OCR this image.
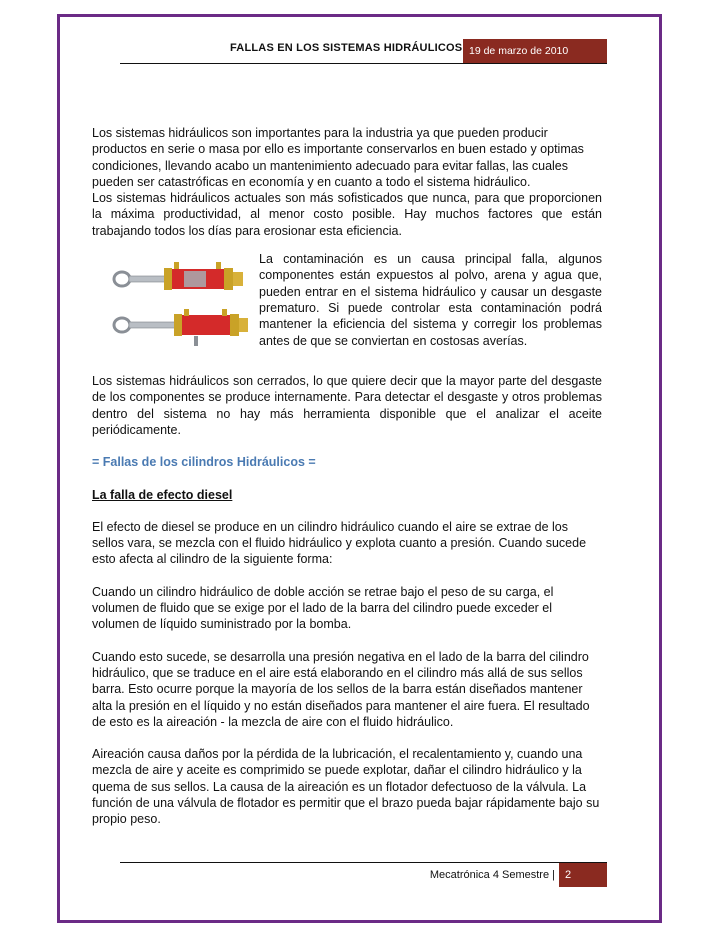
FALLAS EN LOS SISTEMAS HIDRÁULICOS 19 de marzo de 2010

Los sistemas hidráulicos son importantes para la industria ya que pueden producir productos en serie o masa por ello es importante conservarlos en buen estado y optimas condiciones, llevando acabo un mantenimiento adecuado para evitar fallas, las cuales pueden ser catastróficas en economía y en cuanto a todo el sistema hidráulico.

Los sistemas hidráulicos actuales son más sofisticados que nunca, para que proporcionen la máxima productividad, al menor costo posible. Hay muchos factores que están trabajando todos los días para erosionar esta eficiencia.

La contaminación es un causa principal falla, algunos componentes están expuestos al polvo, arena y agua que, pueden entrar en el sistema hidráulico y causar un desgaste prematuro. Si puede controlar esta contaminación podrá mantener la eficiencia del sistema y corregir los problemas antes de que se conviertan en costosas averías.

Los sistemas hidráulicos son cerrados, lo que quiere decir que la mayor parte del desgaste de los componentes se produce internamente. Para detectar el desgaste y otros problemas dentro del sistema no hay más herramienta disponible que el analizar el aceite periódicamente.

= Fallas de los cilindros Hidráulicos =

La falla de efecto diesel

El efecto de diesel se produce en un cilindro hidráulico cuando el aire se extrae de los sellos vara, se mezcla con el fluido hidráulico y explota cuanto a presión. Cuando sucede esto afecta al cilindro de la siguiente forma:

Cuando un cilindro hidráulico de doble acción se retrae bajo el peso de su carga, el volumen de fluido que se exige por el lado de la barra del cilindro puede exceder el volumen de líquido suministrado por la bomba.

Cuando esto sucede, se desarrolla una presión negativa en el lado de la barra del cilindro hidráulico, que se traduce en el aire está elaborando en el cilindro más allá de sus sellos barra. Esto ocurre porque la mayoría de los sellos de la barra están diseñados mantener alta la presión en el líquido y no están diseñados para mantener el aire fuera. El resultado de esto es la aireación - la mezcla de aire con el fluido hidráulico.

Aireación causa daños por la pérdida de la lubricación, el recalentamiento y, cuando una mezcla de aire y aceite es comprimido se puede explotar, dañar el cilindro hidráulico y la quema de sus sellos. La causa de la aireación es un flotador defectuoso de la válvula. La función de una válvula de flotador es permitir que el brazo pueda bajar rápidamente bajo su propio peso.

Mecatrónica 4 Semestre | 2
